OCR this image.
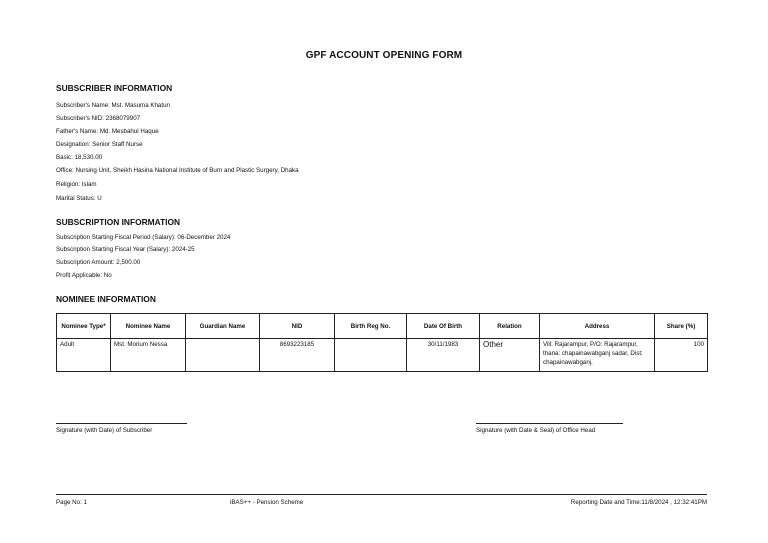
GPF ACCOUNT OPENING FORM
SUBSCRIBER INFORMATION
Subscriber's Name: Mst. Masuma Khatun
Subscriber's NID: 2368079907
Father's Name: Md. Mesbahul Haque
Designation: Senior Staff Nurse
Basic: 18,530.00
Office: Nursing Unit, Sheikh Hasina National Institute of Burn and Plastic Surgery, Dhaka
Religion: Islam
Marital Status: U
SUBSCRIPTION INFORMATION
Subscription Starting Fiscal Period (Salary): 06-December 2024
Subscription Starting Fiscal Year (Salary): 2024-25
Subscription Amount: 2,500.00
Profit Applicable: No
NOMINEE INFORMATION
Nominee Type*	Nominee Name	Guardian Name	NID	Birth Reg No.	Date Of Birth	Relation	Address	Share (%)
Adult	Mst. Morium Nessa		8693223185		30/11/1983	Other	Vill: Rajarampur, P/O: Rajarampur, thana: chapainawabganj sadar, Dist: chapainawabganj.	100
Signature (with Date) of Subscriber	Signature (with Date & Seal) of Office Head
Page No: 1	iBAS++ - Pension Scheme	Reporting Date and Time:11/8/2024 , 12:32:41PM
